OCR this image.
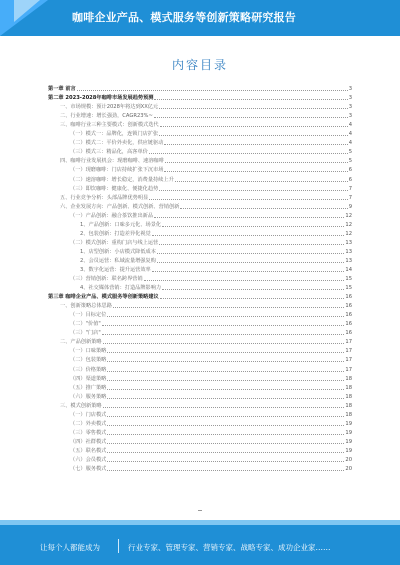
咖啡企业产品、模式服务等创新策略研究报告
内容目录
第一章 前言	3
第二章 2023-2028年咖啡市场发展趋势预测	3
一、市场规模：预计2028年将达到XX亿元	3
二、行业增速：增长强劲，CAGR23%~	3
三、咖啡行业三种主要模式：创新模式迭代	4
（一）模式一：品牌化，连锁门店扩张	4
（二）模式二：平价外卖化，供应链驱动	4
（三）模式三：精品化，高客单价	5
四、咖啡行业发展机会：现磨咖啡、速溶咖啡	5
（一）现磨咖啡：门店持续扩张下沉市场	6
（二）速溶咖啡：增长稳定，消费量持续上升	6
（三）即饮咖啡：健康化、便捷化趋势	7
五、行业竞争分析：头部品牌优势明显	7
六、企业发展方向：产品创新、模式创新、营销创新	9
（一）产品创新：融合茶饮推出新品	12
1、产品创新：口味多元化、场景化	12
2、包装创新：打造差异化视觉	12
（二）模式创新：重构门店与线上运营	13
1、店型创新：小店模式降低成本	13
2、会员运营：私域流量增强复购	13
3、数字化运营：提升运营效率	14
（三）营销创新：联名跨界营销	15
4、社交媒体营销：打造品牌影响力	15
第三章 咖啡企业产品、模式服务等创新策略建议	16
一、创新策略总体思路	16
（一）目标定位	16
（二）"价值"	16
（三）"门店"	16
二、产品创新策略	17
（一）口味策略	17
（二）包装策略	17
（三）价格策略	17
（四）渠道策略	18
（五）推广策略	18
（六）服务策略	18
三、模式创新策略	18
（一）门店模式	18
（二）外卖模式	19
（三）零售模式	19
（四）社群模式	19
（五）联名模式	19
（六）会员模式	20
（七）服务模式	20
让每个人都能成为	行业专家、管理专家、营销专家、战略专家、成功企业家……
